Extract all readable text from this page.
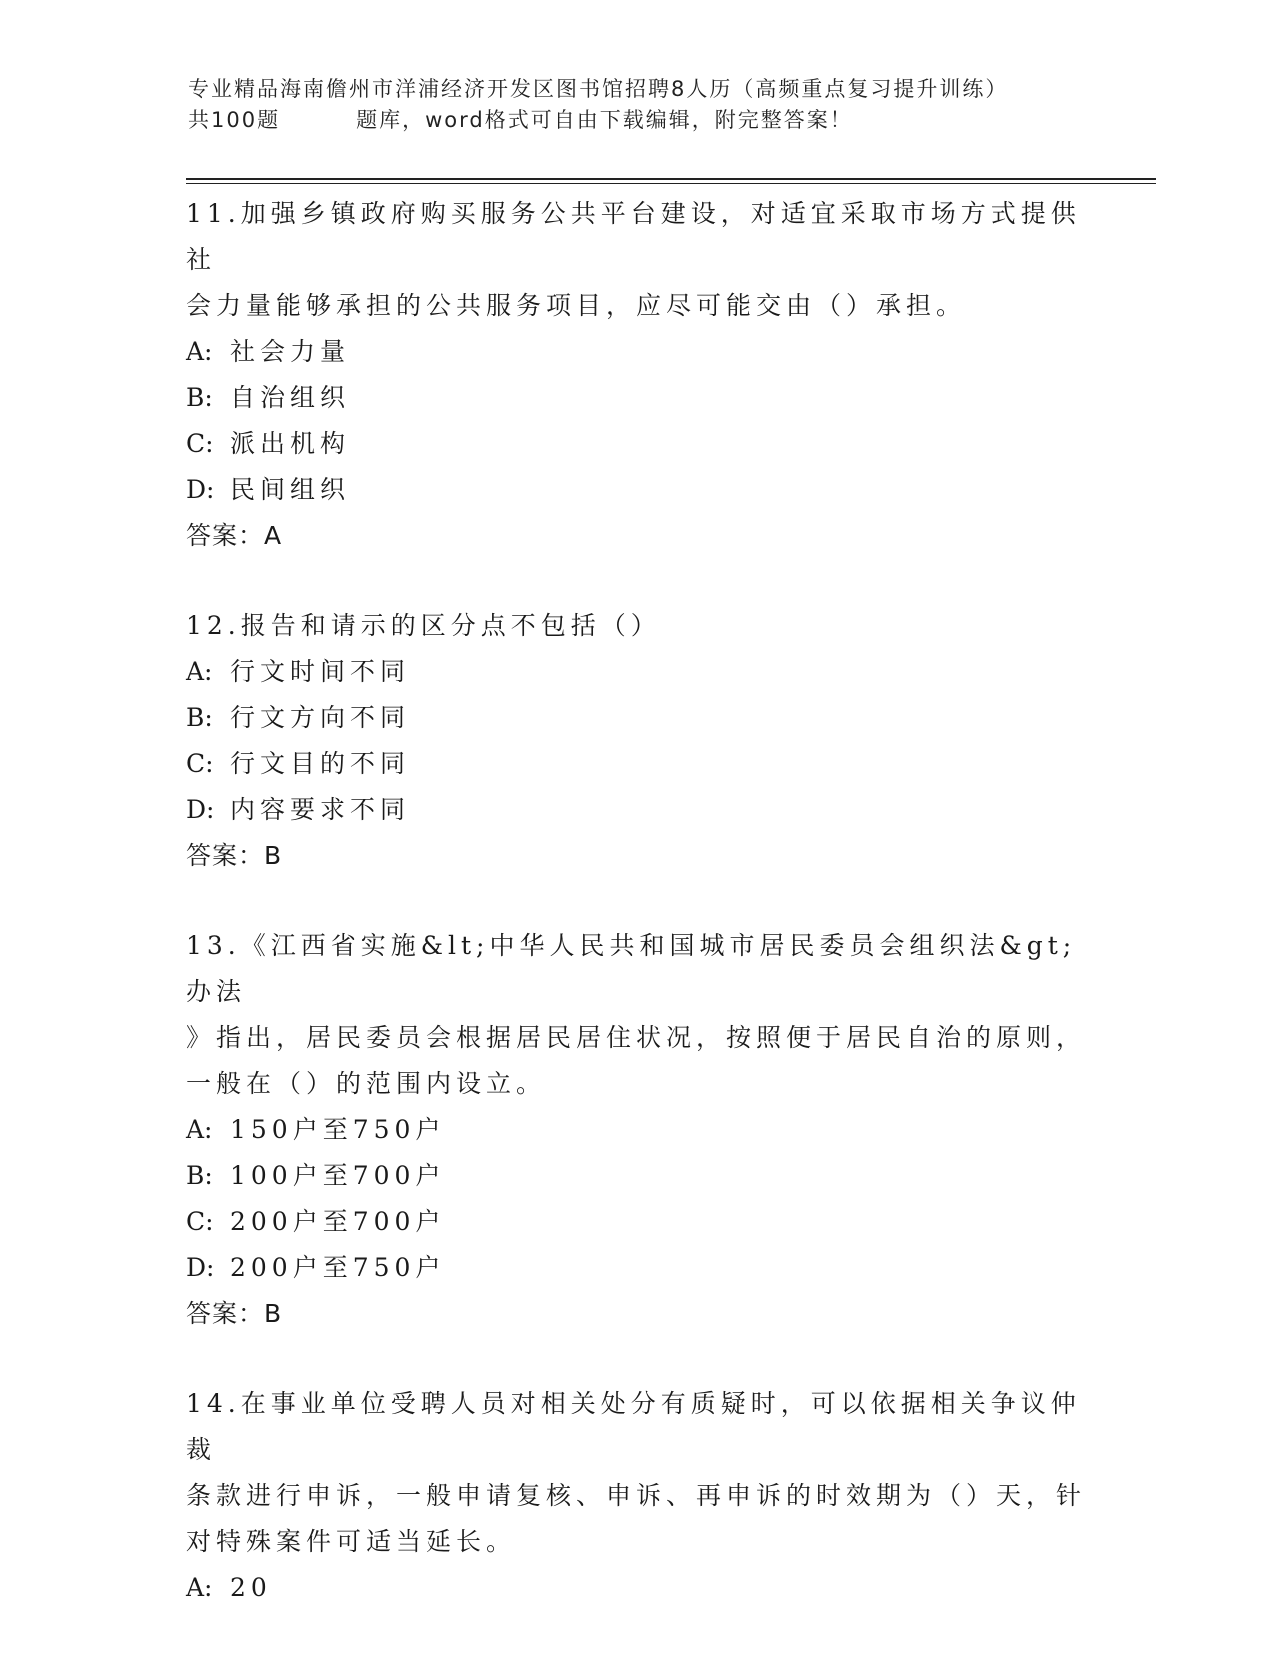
专业精品海南儋州市洋浦经济开发区图书馆招聘8人历（高频重点复习提升训练）
共100题	题库，word格式可自由下载编辑，附完整答案！

11.加强乡镇政府购买服务公共平台建设，对适宜采取市场方式提供社

会力量能够承担的公共服务项目，应尽可能交由（）承担。

A: 社会力量

B: 自治组织

C: 派出机构

D: 民间组织

答案：A

12.报告和请示的区分点不包括（）

A: 行文时间不同

B: 行文方向不同

C: 行文目的不同

D: 内容要求不同

答案：B

13.《江西省实施&lt;中华人民共和国城市居民委员会组织法&gt;办法

》指出，居民委员会根据居民居住状况，按照便于居民自治的原则，

一般在（）的范围内设立。

A: 150户至750户

B: 100户至700户

C: 200户至700户

D: 200户至750户

答案：B

14.在事业单位受聘人员对相关处分有质疑时，可以依据相关争议仲裁

条款进行申诉，一般申请复核、申诉、再申诉的时效期为（）天，针

对特殊案件可适当延长。

A: 20
